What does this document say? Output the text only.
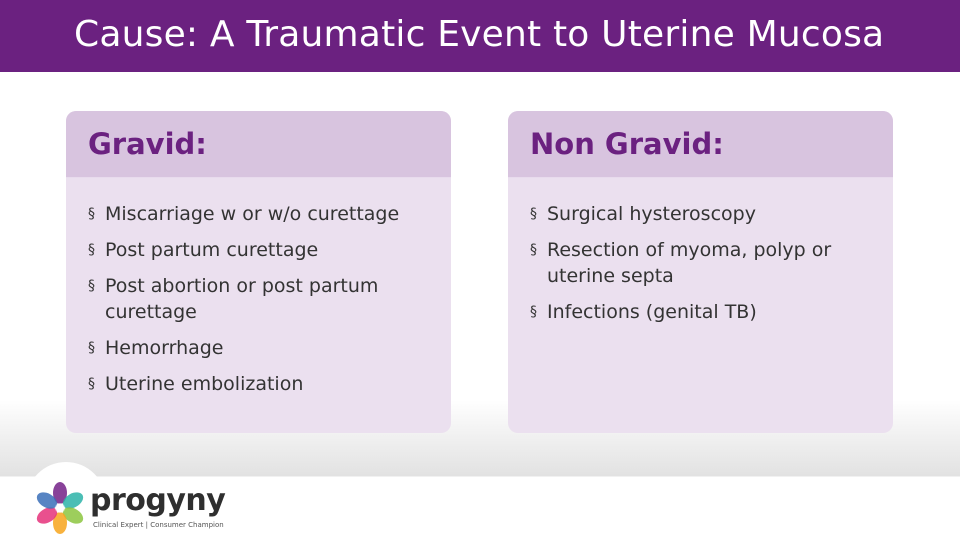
Cause: A Traumatic Event to Uterine Mucosa
Gravid:
§ Miscarriage w or w/o curettage
§ Post partum curettage
§ Post abortion or post partum curettage
§ Hemorrhage
§ Uterine embolization
Non Gravid:
§ Surgical hysteroscopy
§ Resection of myoma, polyp or uterine septa
§ Infections (genital TB)
progyny
Clinical Expert | Consumer Champion
